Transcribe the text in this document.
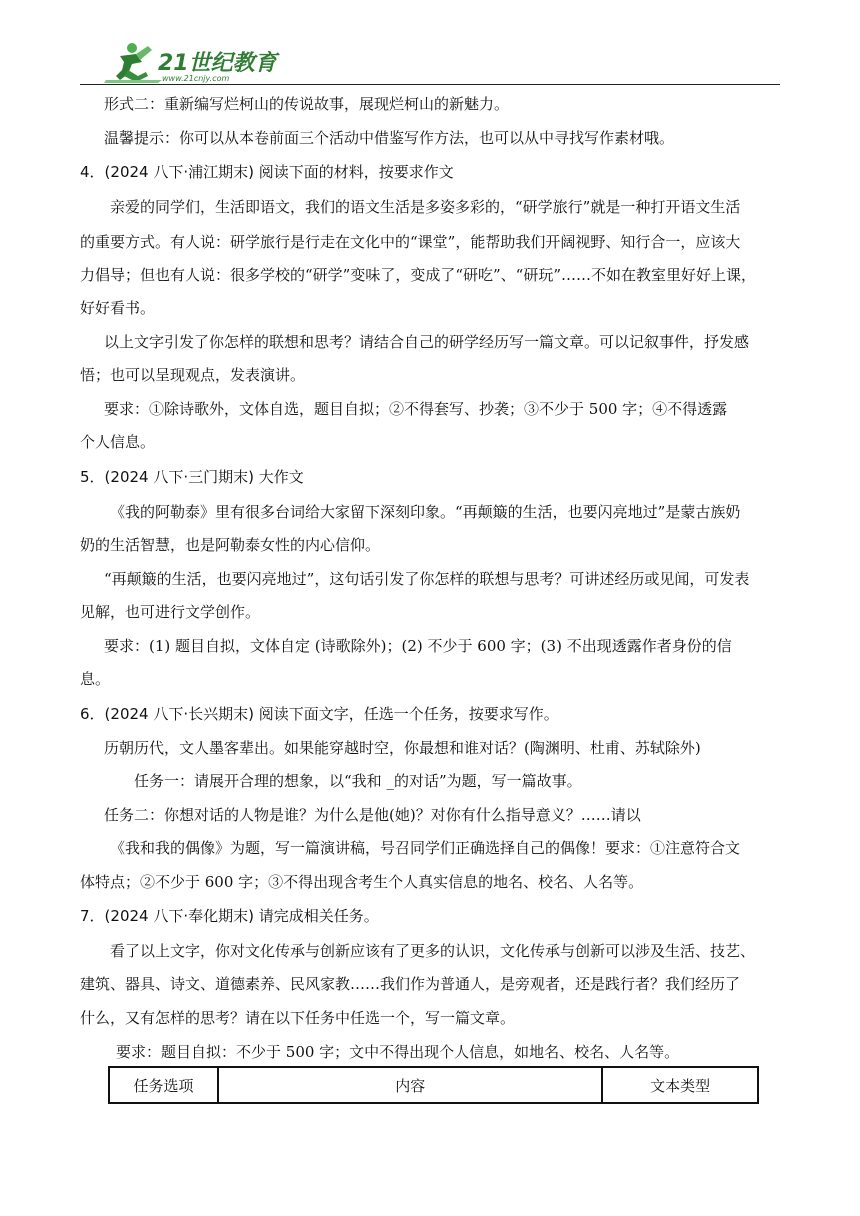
21世纪教育
www.21cnjy.com
形式二：重新编写烂柯山的传说故事，展现烂柯山的新魅力。
温馨提示：你可以从本卷前面三个活动中借鉴写作方法，也可以从中寻找写作素材哦。
4．(2024 八下·浦江期末) 阅读下面的材料，按要求作文
亲爱的同学们，生活即语文，我们的语文生活是多姿多彩的，“研学旅行”就是一种打开语文生活
的重要方式。有人说：研学旅行是行走在文化中的“课堂”，能帮助我们开阔视野、知行合一，应该大
力倡导；但也有人说：很多学校的“研学”变味了，变成了“研吃”、“研玩”……不如在教室里好好上课，
好好看书。
以上文字引发了你怎样的联想和思考？请结合自己的研学经历写一篇文章。可以记叙事件，抒发感
悟；也可以呈现观点，发表演讲。
要求：①除诗歌外，文体自选，题目自拟；②不得套写、抄袭；③不少于 500 字；④不得透露
个人信息。
5．(2024 八下·三门期末) 大作文
《我的阿勒泰》里有很多台词给大家留下深刻印象。“再颠簸的生活，也要闪亮地过”是蒙古族奶
奶的生活智慧，也是阿勒泰女性的内心信仰。
“再颠簸的生活，也要闪亮地过”，这句话引发了你怎样的联想与思考？可讲述经历或见闻，可发表
见解，也可进行文学创作。
要求：(1) 题目自拟，文体自定 (诗歌除外)；(2) 不少于 600 字；(3) 不出现透露作者身份的信
息。
6．(2024 八下·长兴期末) 阅读下面文字，任选一个任务，按要求写作。
历朝历代，文人墨客辈出。如果能穿越时空，你最想和谁对话？(陶渊明、杜甫、苏轼除外)
任务一：请展开合理的想象，以“我和 _的对话”为题，写一篇故事。
任务二：你想对话的人物是谁？为什么是他(她)？对你有什么指导意义？……请以
《我和我的偶像》为题，写一篇演讲稿，号召同学们正确选择自己的偶像！要求：①注意符合文
体特点；②不少于 600 字；③不得出现含考生个人真实信息的地名、校名、人名等。
7．(2024 八下·奉化期末) 请完成相关任务。
看了以上文字，你对文化传承与创新应该有了更多的认识，文化传承与创新可以涉及生活、技艺、
建筑、器具、诗文、道德素养、民风家教……我们作为普通人，是旁观者，还是践行者？我们经历了
什么，又有怎样的思考？请在以下任务中任选一个，写一篇文章。
要求：题目自拟：不少于 500 字；文中不得出现个人信息，如地名、校名、人名等。
任务选项	内容	文本类型
